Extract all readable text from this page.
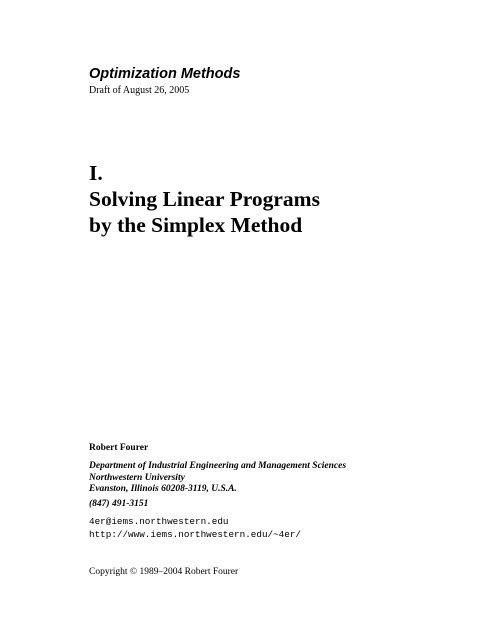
Optimization Methods
Draft of August 26, 2005
I.
Solving Linear Programs
by the Simplex Method
Robert Fourer
Department of Industrial Engineering and Management Sciences
Northwestern University
Evanston, Illinois 60208-3119, U.S.A.
(847) 491-3151
4er@iems.northwestern.edu
http://www.iems.northwestern.edu/~4er/
Copyright © 1989–2004 Robert Fourer
